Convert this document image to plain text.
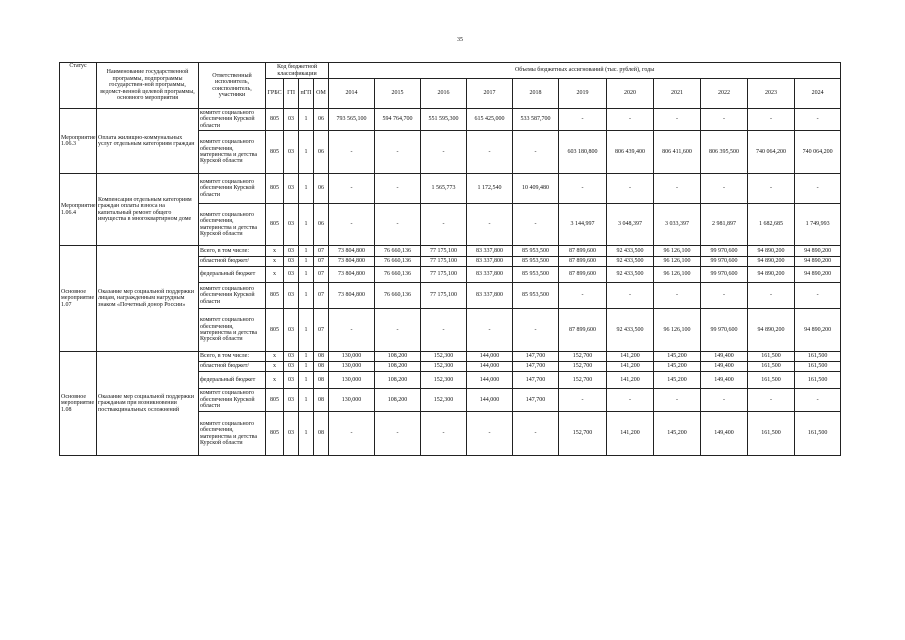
35
Статус	Наименование государственной программы, подпрограммы государствен-ной программы, ведомст-венной целевой программы, основного мероприятия	Ответственный исполнитель, соисполнитель, участники	Код бюджетной классификации				Объемы бюджетных ассигнований (тыс. рублей), годы										
			ГРБС	ГП	пГП	ОМ	2014	2015	2016	2017	2018	2019	2020	2021	2022	2023	2024
Мероприятие 1.06.3	Оплата жилищно-коммунальных услуг отдельным категориям граждан	комитет социального обеспечения Курской области	805	03	1	06	793 565,100	594 764,700	551 595,300	615 425,000	533 587,700	-	-	-	-	-	-
		комитет социального обеспечения, материнства и детства Курской области	805	03	1	06	-	-	-	-	-	603 180,800	806 439,400	806 411,600	806 395,500	740 064,200	740 064,200
Мероприятие 1.06.4	Компенсация отдельным категориям граждан оплаты взноса на капитальный ремонт общего имущества в многоквартирном доме	комитет социального обеспечения Курской области	805	03	1	06	-	-	1 565,773	1 172,540	10 409,480	-	-	-	-	-	-
		комитет социального обеспечения, материнства и детства Курской области	805	03	1	06	-	-	-	-	-	3 144,997	3 048,397	3 033,397	2 981,897	1 682,685	1 749,993
Основное мероприятие 1.07	Оказание мер социальной поддержки лицам, награжденным нагрудным знаком «Почетный донор России»	Всего, в том числе:	x	03	1	07	73 804,800	76 660,136	77 175,100	83 337,800	85 953,500	87 899,600	92 433,500	96 126,100	99 970,600	94 890,200	94 890,200
		областной бюджет/	x	03	1	07	73 804,800	76 660,136	77 175,100	83 337,800	85 953,500	87 899,600	92 433,500	96 126,100	99 970,600	94 890,200	94 890,200
		федеральный бюджет	x	03	1	07	73 804,800	76 660,136	77 175,100	83 337,800	85 953,500	87 899,600	92 433,500	96 126,100	99 970,600	94 890,200	94 890,200
		комитет социального обеспечения Курской области	805	03	1	07	73 804,800	76 660,136	77 175,100	83 337,800	85 953,500	-	-	-	-	-	-
		комитет социального обеспечения, материнства и детства Курской области	805	03	1	07	-	-	-	-	-	87 899,600	92 433,500	96 126,100	99 970,600	94 890,200	94 890,200
Основное мероприятие 1.08	Оказание мер социальной поддержки гражданам при возникновении поствакцинальных осложнений	Всего, в том числе:	x	03	1	08	130,000	108,200	152,300	144,000	147,700	152,700	141,200	145,200	149,400	161,500	161,500
		областной бюджет/	x	03	1	08	130,000	108,200	152,300	144,000	147,700	152,700	141,200	145,200	149,400	161,500	161,500
		федеральный бюджет	x	03	1	08	130,000	108,200	152,300	144,000	147,700	152,700	141,200	145,200	149,400	161,500	161,500
		комитет социального обеспечения Курской области	805	03	1	08	130,000	108,200	152,300	144,000	147,700	-	-	-	-	-	-
		комитет социального обеспечения, материнства и детства Курской области	805	03	1	08	-	-	-	-	-	152,700	141,200	145,200	149,400	161,500	161,500
